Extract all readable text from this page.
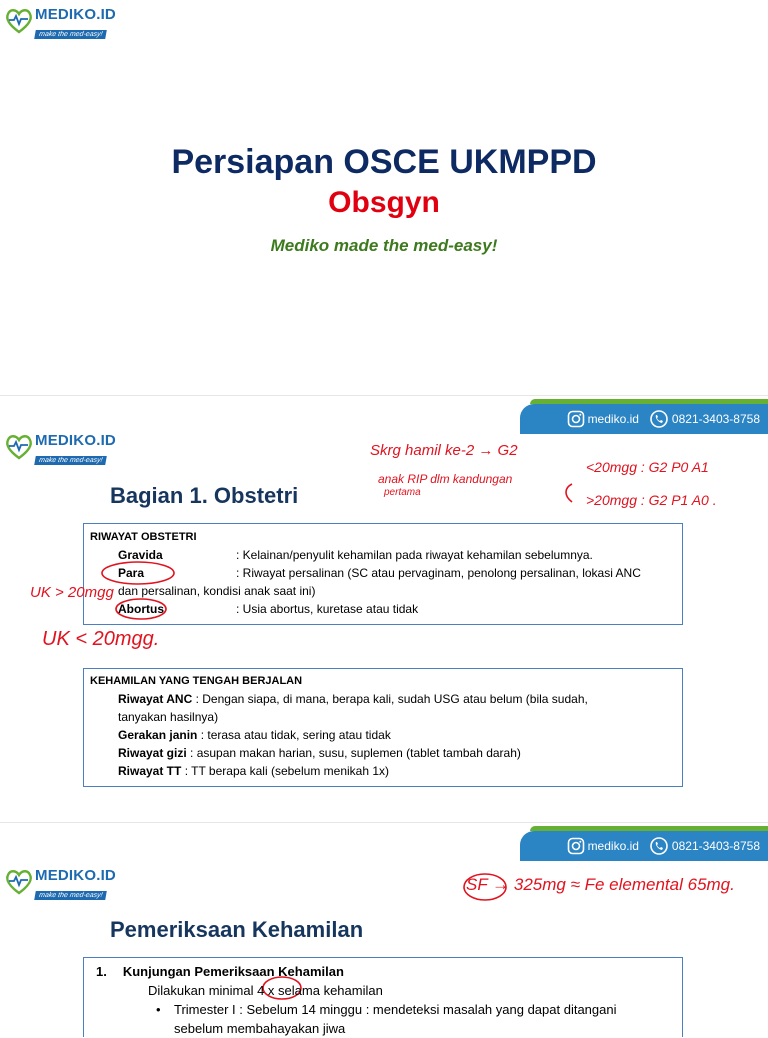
MEDIKO.ID
make the med-easy!
Persiapan OSCE UKMPPD
Obsgyn
Mediko made the med-easy!
mediko.id	0821-3403-8758
MEDIKO.ID
make the med-easy!
Bagian 1. Obstetri
RIWAYAT OBSTETRI
Gravida	: Kelainan/penyulit kehamilan pada riwayat kehamilan sebelumnya.
Para	: Riwayat persalinan (SC atau pervaginam, penolong persalinan, lokasi ANC
dan persalinan, kondisi anak saat ini)
Abortus	: Usia abortus, kuretase atau tidak
KEHAMILAN YANG TENGAH BERJALAN
Riwayat ANC : Dengan siapa, di mana, berapa kali, sudah USG atau belum (bila sudah,
tanyakan hasilnya)
Gerakan janin : terasa atau tidak, sering atau tidak
Riwayat gizi : asupan makan harian, susu, suplemen (tablet tambah darah)
Riwayat TT : TT berapa kali (sebelum menikah 1x)
Skrg hamil ke-2 → G2
anak RIP dlm kandungan
pertama
<20mgg : G2 P0 A1
>20mgg : G2 P1 A0 .
UK > 20mgg
UK < 20mgg.
mediko.id	0821-3403-8758
MEDIKO.ID
make the med-easy!
SF → 325mg ≈ Fe elemental 65mg.
Pemeriksaan Kehamilan
1. Kunjungan Pemeriksaan Kehamilan
Dilakukan minimal 4 x selama kehamilan
•	Trimester I : Sebelum 14 minggu : mendeteksi masalah yang dapat ditangani
sebelum membahayakan jiwa
